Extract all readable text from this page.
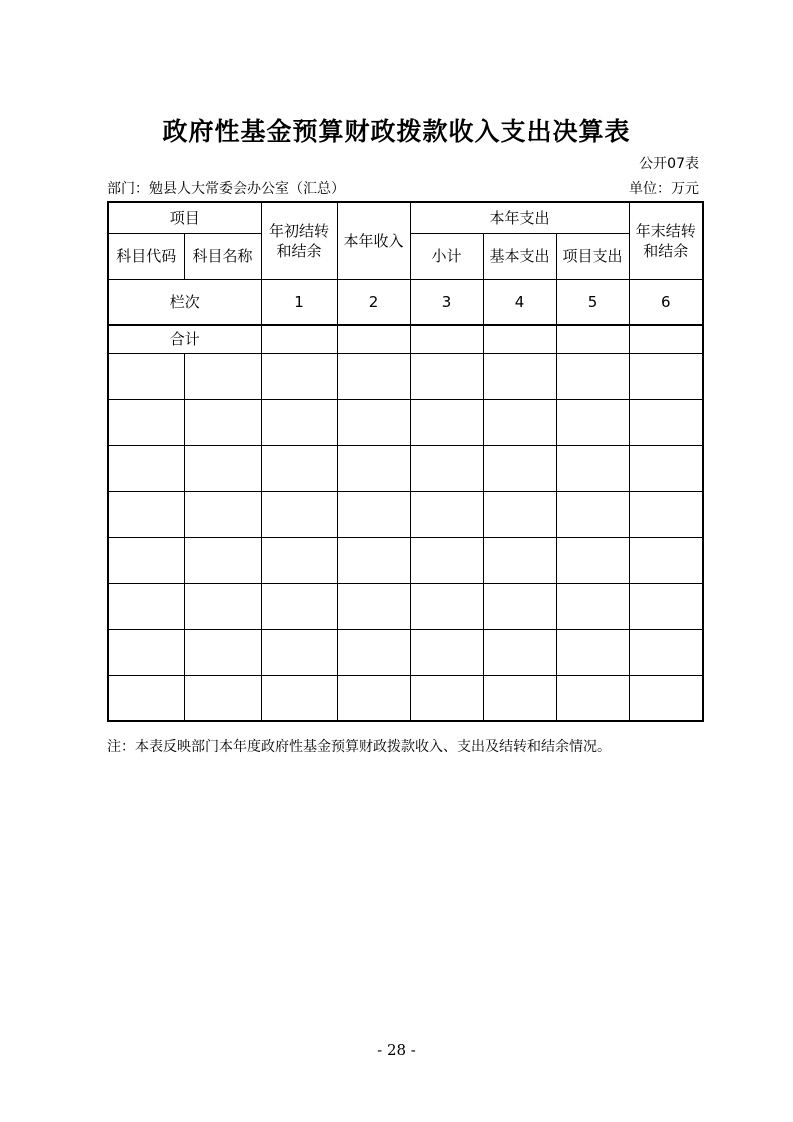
政府性基金预算财政拨款收入支出决算表
公开07表
部门：勉县人大常委会办公室（汇总）	单位：万元
项目		年初结转和结余	本年收入	本年支出			年末结转和结余
科目代码	科目名称			小计	基本支出	项目支出	
栏次		1	2	3	4	5	6
合计							

注：本表反映部门本年度政府性基金预算财政拨款收入、支出及结转和结余情况。
- 28 -
